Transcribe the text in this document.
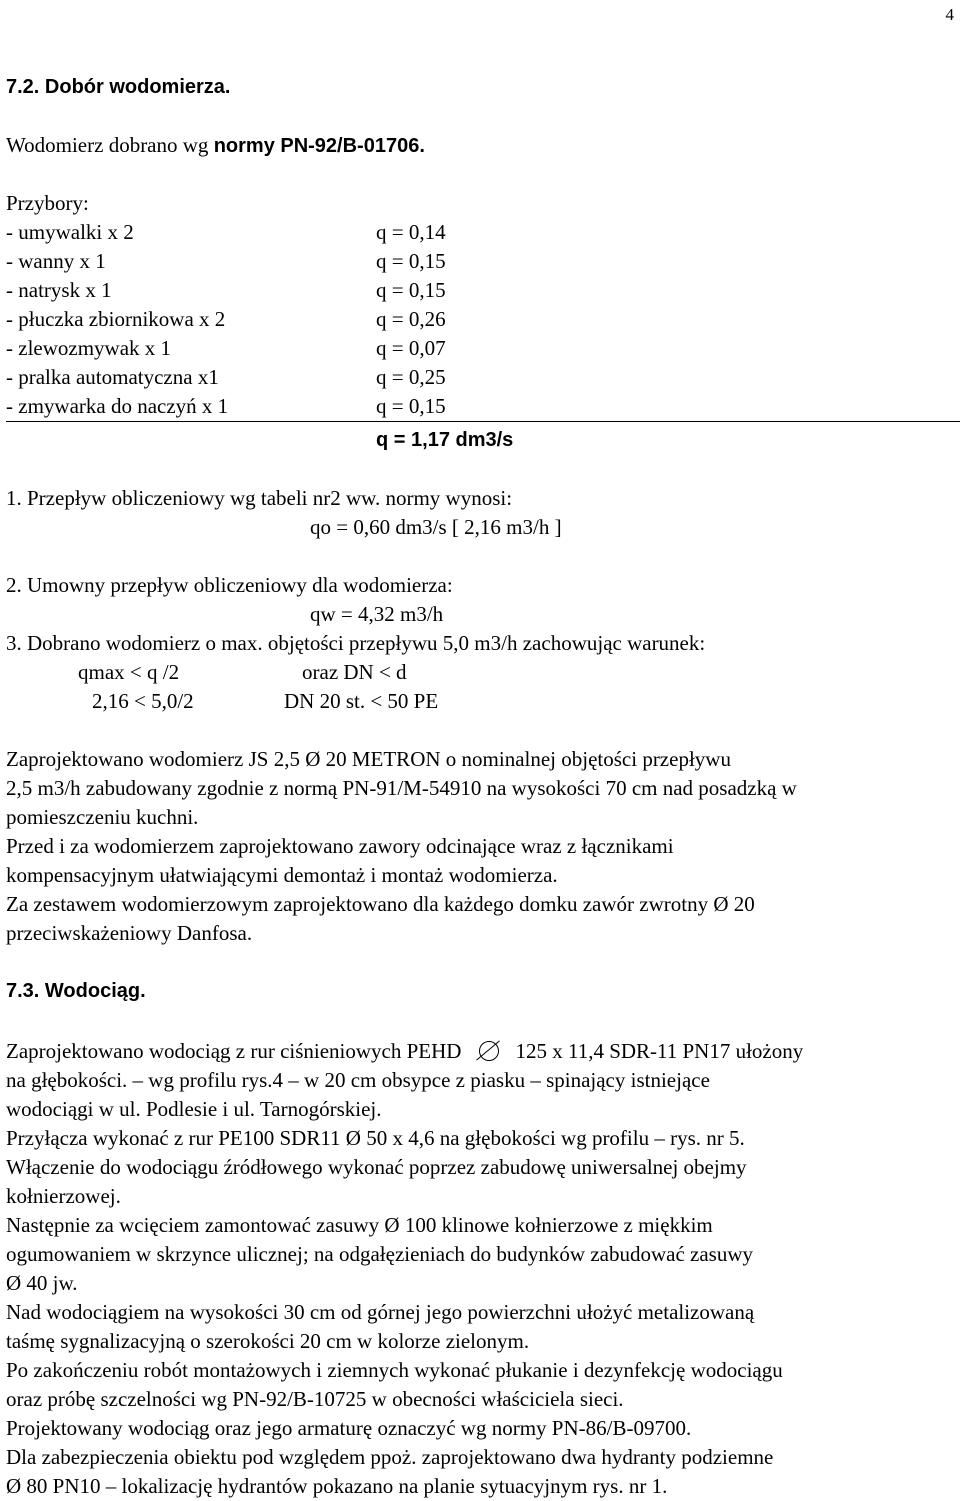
4
7.2. Dobór wodomierza.
Wodomierz dobrano wg normy PN-92/B-01706.
Przybory:
- umywalki x 2	q = 0,14
- wanny x 1	q = 0,15
- natrysk x 1	q = 0,15
- płuczka zbiornikowa x 2	q = 0,26
- zlewozmywak x 1	q = 0,07
- pralka automatyczna x1	q = 0,25
- zmywarka do naczyń x 1	q = 0,15
q = 1,17 dm3/s
1. Przepływ obliczeniowy wg tabeli nr2 ww. normy wynosi:
qo = 0,60 dm3/s [ 2,16 m3/h ]
2. Umowny przepływ obliczeniowy dla wodomierza:
qw = 4,32 m3/h
3. Dobrano wodomierz o max. objętości przepływu 5,0 m3/h zachowując warunek:
qmax < q /2	oraz DN < d
2,16 < 5,0/2	DN 20 st. < 50 PE
Zaprojektowano wodomierz JS 2,5 Ø 20 METRON o nominalnej objętości przepływu
2,5 m3/h zabudowany zgodnie z normą PN-91/M-54910 na wysokości 70 cm nad posadzką w
pomieszczeniu kuchni.
Przed i za wodomierzem zaprojektowano zawory odcinające wraz z łącznikami
kompensacyjnym ułatwiającymi demontaż i montaż wodomierza.
Za zestawem wodomierzowym zaprojektowano dla każdego domku zawór zwrotny Ø 20
przeciwskażeniowy Danfosa.
7.3. Wodociąg.
Zaprojektowano wodociąg z rur ciśnieniowych PEHD	125 x 11,4 SDR-11 PN17 ułożony
na głębokości. – wg profilu rys.4 – w 20 cm obsypce z piasku – spinający istniejące
wodociągi w ul. Podlesie i ul. Tarnogórskiej.
Przyłącza wykonać z rur PE100 SDR11 Ø 50 x 4,6 na głębokości wg profilu – rys. nr 5.
Włączenie do wodociągu źródłowego wykonać poprzez zabudowę uniwersalnej obejmy
kołnierzowej.
Następnie za wcięciem zamontować zasuwy Ø 100 klinowe kołnierzowe z miękkim
ogumowaniem w skrzynce ulicznej; na odgałęzieniach do budynków zabudować zasuwy
Ø 40 jw.
Nad wodociągiem na wysokości 30 cm od górnej jego powierzchni ułożyć metalizowaną
taśmę sygnalizacyjną o szerokości 20 cm w kolorze zielonym.
Po zakończeniu robót montażowych i ziemnych wykonać płukanie i dezynfekcję wodociągu
oraz próbę szczelności wg PN-92/B-10725 w obecności właściciela sieci.
Projektowany wodociąg oraz jego armaturę oznaczyć wg normy PN-86/B-09700.
Dla zabezpieczenia obiektu pod względem ppoż. zaprojektowano dwa hydranty podziemne
Ø 80 PN10 – lokalizację hydrantów pokazano na planie sytuacyjnym rys. nr 1.
